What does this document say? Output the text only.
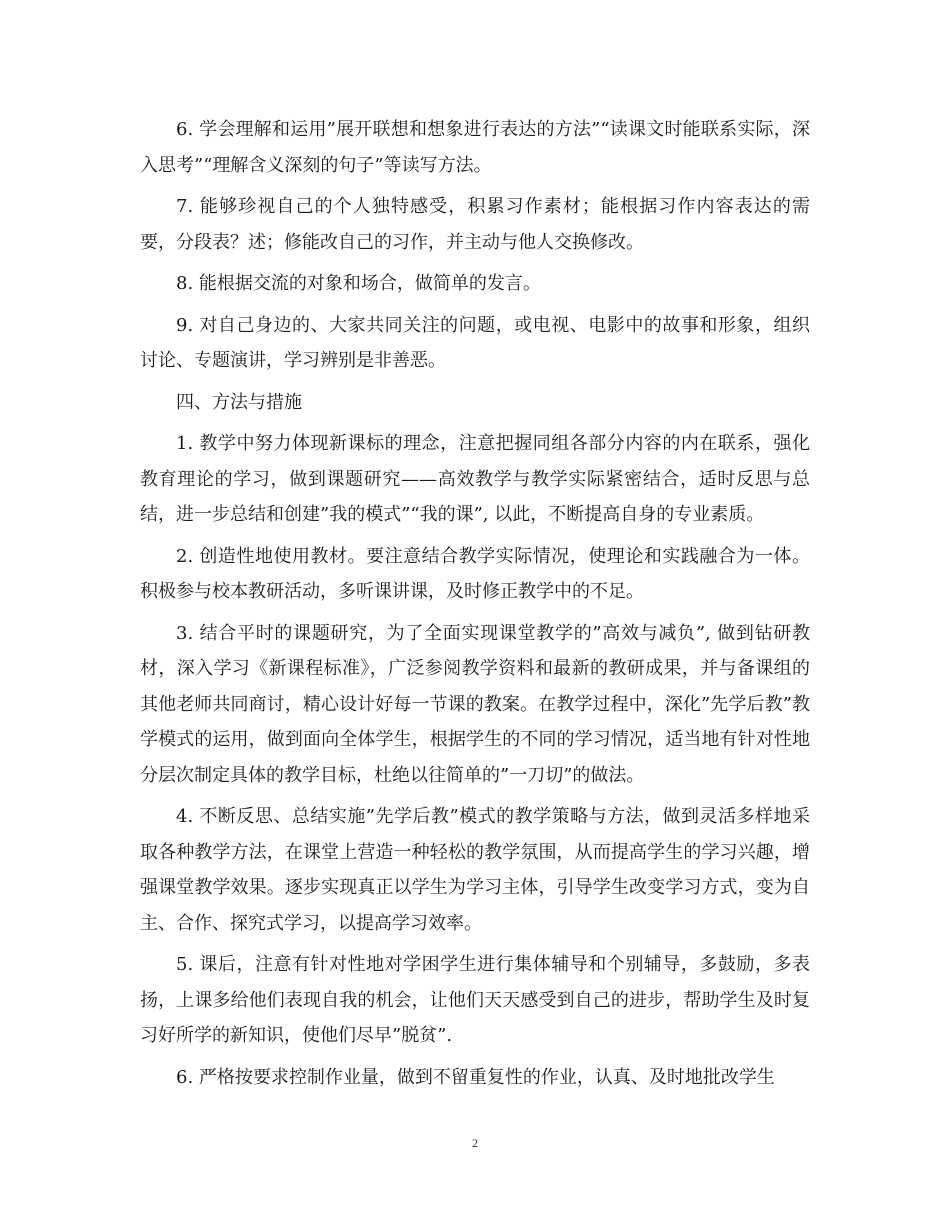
6. 学会理解和运用”展开联想和想象进行表达的方法”“读课文时能联系实际，深入思考”“理解含义深刻的句子”等读写方法。

7. 能够珍视自己的个人独特感受，积累习作素材；能根据习作内容表达的需要，分段表？述；修能改自己的习作，并主动与他人交换修改。

8. 能根据交流的对象和场合，做简单的发言。

9. 对自己身边的、大家共同关注的问题，或电视、电影中的故事和形象，组织讨论、专题演讲，学习辨别是非善恶。

四、方法与措施

1. 教学中努力体现新课标的理念，注意把握同组各部分内容的内在联系，强化教育理论的学习，做到课题研究——高效教学与教学实际紧密结合，适时反思与总结，进一步总结和创建”我的模式”“我的课”, 以此，不断提高自身的专业素质。

2. 创造性地使用教材。要注意结合教学实际情况，使理论和实践融合为一体。积极参与校本教研活动，多听课讲课，及时修正教学中的不足。

3. 结合平时的课题研究，为了全面实现课堂教学的”高效与减负”, 做到钻研教材，深入学习《新课程标准》，广泛参阅教学资料和最新的教研成果，并与备课组的其他老师共同商讨，精心设计好每一节课的教案。在教学过程中，深化”先学后教”教学模式的运用，做到面向全体学生，根据学生的不同的学习情况，适当地有针对性地分层次制定具体的教学目标，杜绝以往简单的”一刀切”的做法。

4. 不断反思、总结实施”先学后教”模式的教学策略与方法，做到灵活多样地采取各种教学方法，在课堂上营造一种轻松的教学氛围，从而提高学生的学习兴趣，增强课堂教学效果。逐步实现真正以学生为学习主体，引导学生改变学习方式，变为自主、合作、探究式学习，以提高学习效率。

5. 课后，注意有针对性地对学困学生进行集体辅导和个别辅导，多鼓励，多表扬，上课多给他们表现自我的机会，让他们天天感受到自己的进步，帮助学生及时复习好所学的新知识，使他们尽早”脱贫”.

6. 严格按要求控制作业量，做到不留重复性的作业，认真、及时地批改学生

2
